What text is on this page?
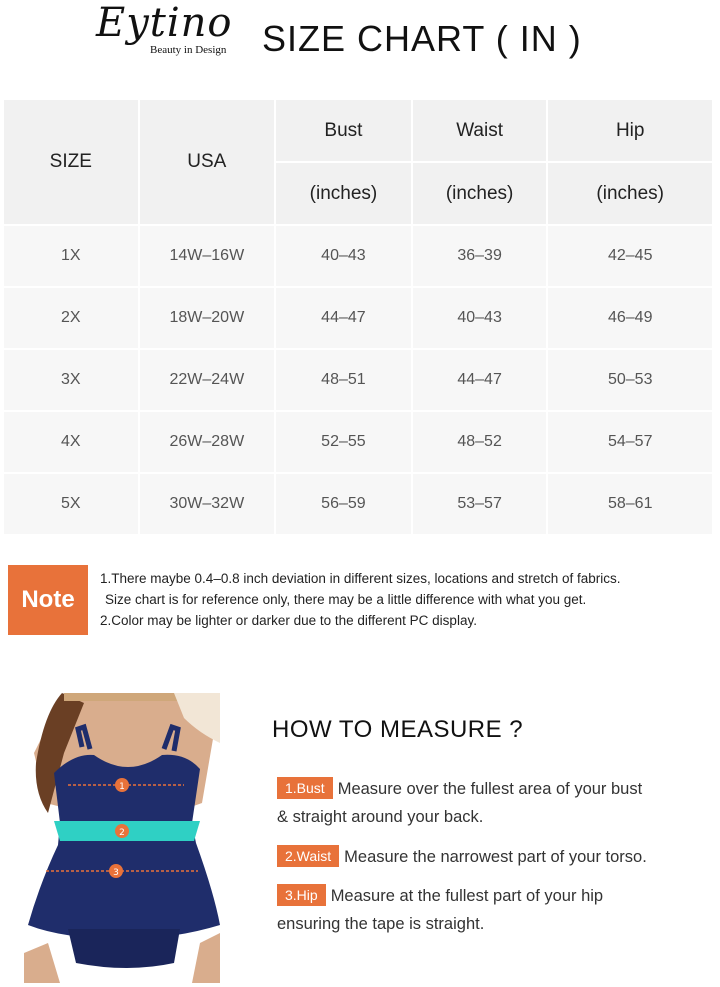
Eytino
Beauty in Design SIZE CHART ( IN )
SIZE	USA	Bust	Waist	Hip
		(inches)	(inches)	(inches)
1X	14W–16W	40–43	36–39	42–45
2X	18W–20W	44–47	40–43	46–49
3X	22W–24W	48–51	44–47	50–53
4X	26W–28W	52–55	48–52	54–57
5X	30W–32W	56–59	53–57	58–61
Note
1.There maybe 0.4–0.8 inch deviation in different sizes, locations and stretch of fabrics.
Size chart is for reference only, there may be a little difference with what you get.
2.Color may be lighter or darker due to the different PC display.
1
2
3
HOW TO MEASURE ?
1.Bust Measure over the fullest area of your bust
& straight around your back.
2.Waist Measure the narrowest part of your torso.
3.Hip Measure at the fullest part of your hip
ensuring the tape is straight.
